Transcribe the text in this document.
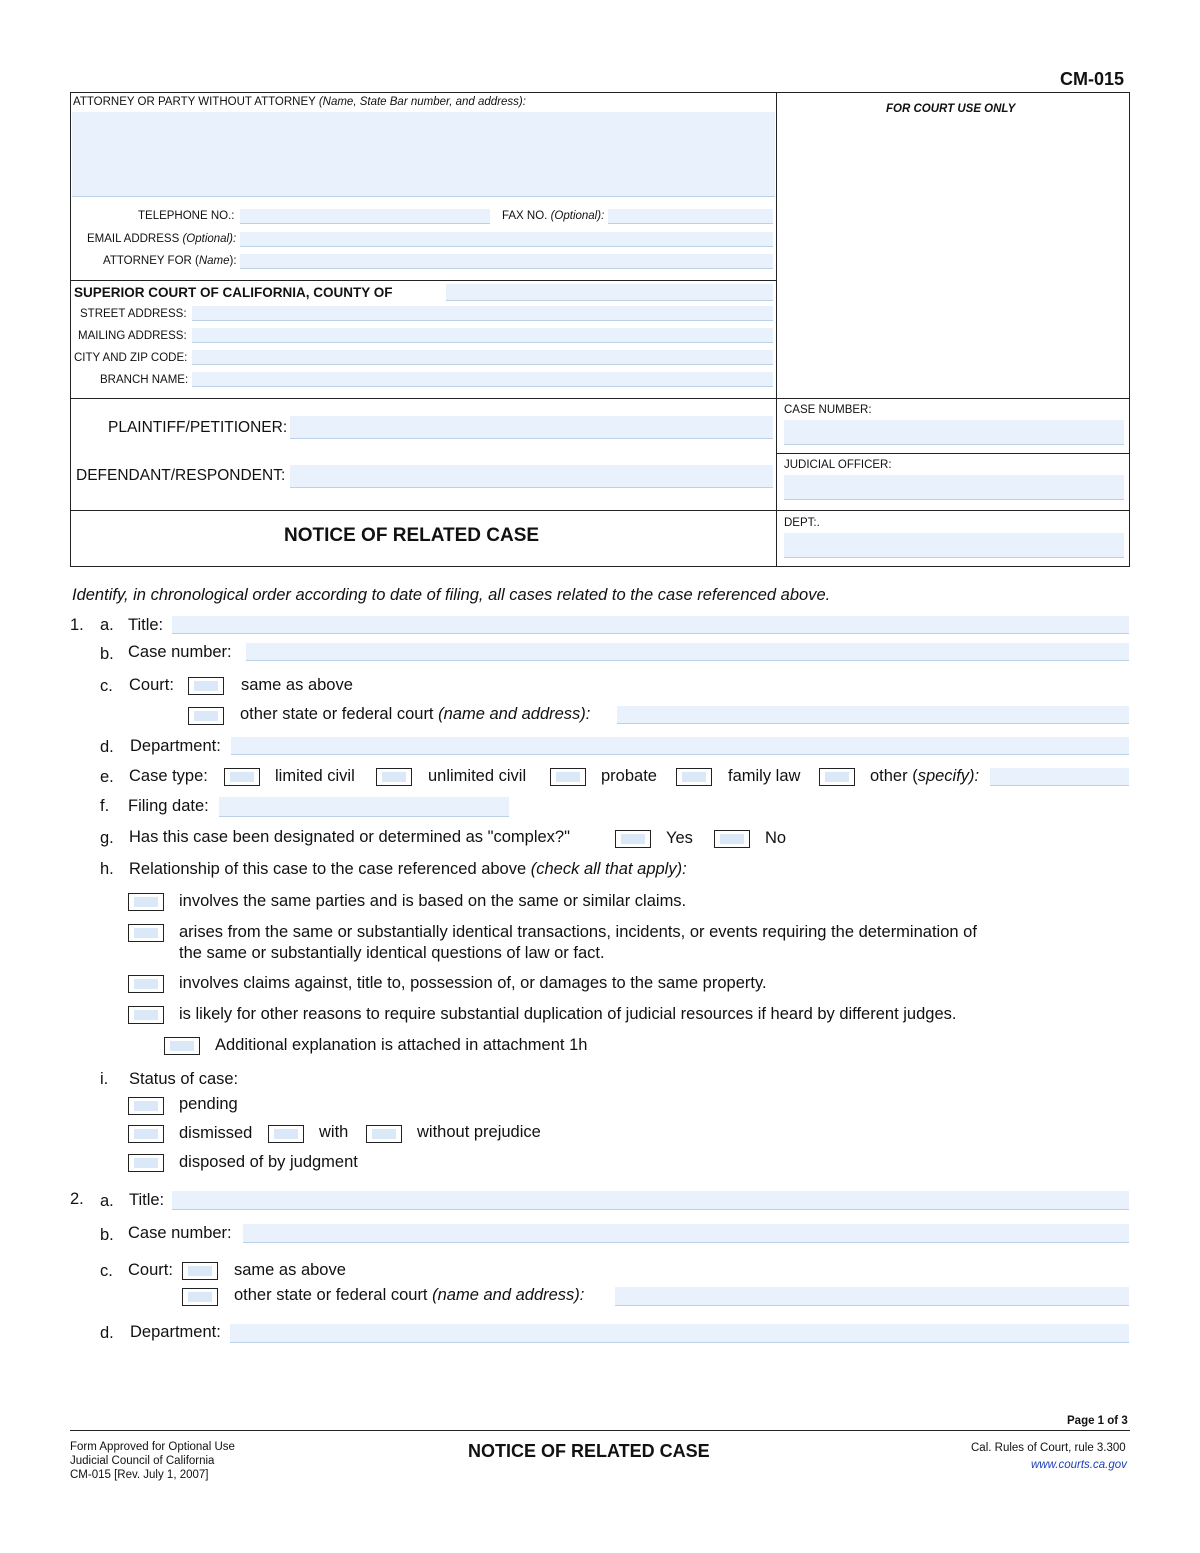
CM-015
ATTORNEY OR PARTY WITHOUT ATTORNEY (Name, State Bar number, and address):
FOR COURT USE ONLY
TELEPHONE NO.:	FAX NO. (Optional):
EMAIL ADDRESS (Optional):
ATTORNEY FOR (Name):
SUPERIOR COURT OF CALIFORNIA, COUNTY OF
STREET ADDRESS:
MAILING ADDRESS:
CITY AND ZIP CODE:
BRANCH NAME:
PLAINTIFF/PETITIONER:
DEFENDANT/RESPONDENT:
CASE NUMBER:
JUDICIAL OFFICER:
NOTICE OF RELATED CASE
DEPT:.
Identify, in chronological order according to date of filing, all cases related to the case referenced above.
1. a. Title:
b. Case number:
c. Court:	same as above
other state or federal court (name and address):
d. Department:
e. Case type:	limited civil	unlimited civil	probate	family law	other (specify):
f. Filing date:
g. Has this case been designated or determined as "complex?"	Yes	No
h. Relationship of this case to the case referenced above (check all that apply):
involves the same parties and is based on the same or similar claims.
arises from the same or substantially identical transactions, incidents, or events requiring the determination of
the same or substantially identical questions of law or fact.
involves claims against, title to, possession of, or damages to the same property.
is likely for other reasons to require substantial duplication of judicial resources if heard by different judges.
Additional explanation is attached in attachment 1h
i. Status of case:
pending
dismissed	with	without prejudice
disposed of by judgment
2. a. Title:
b. Case number:
c. Court:	same as above
other state or federal court (name and address):
d. Department:
Page 1 of 3
Form Approved for Optional Use
Judicial Council of California
CM-015 [Rev. July 1, 2007]
NOTICE OF RELATED CASE	Cal. Rules of Court, rule 3.300
www.courts.ca.gov
